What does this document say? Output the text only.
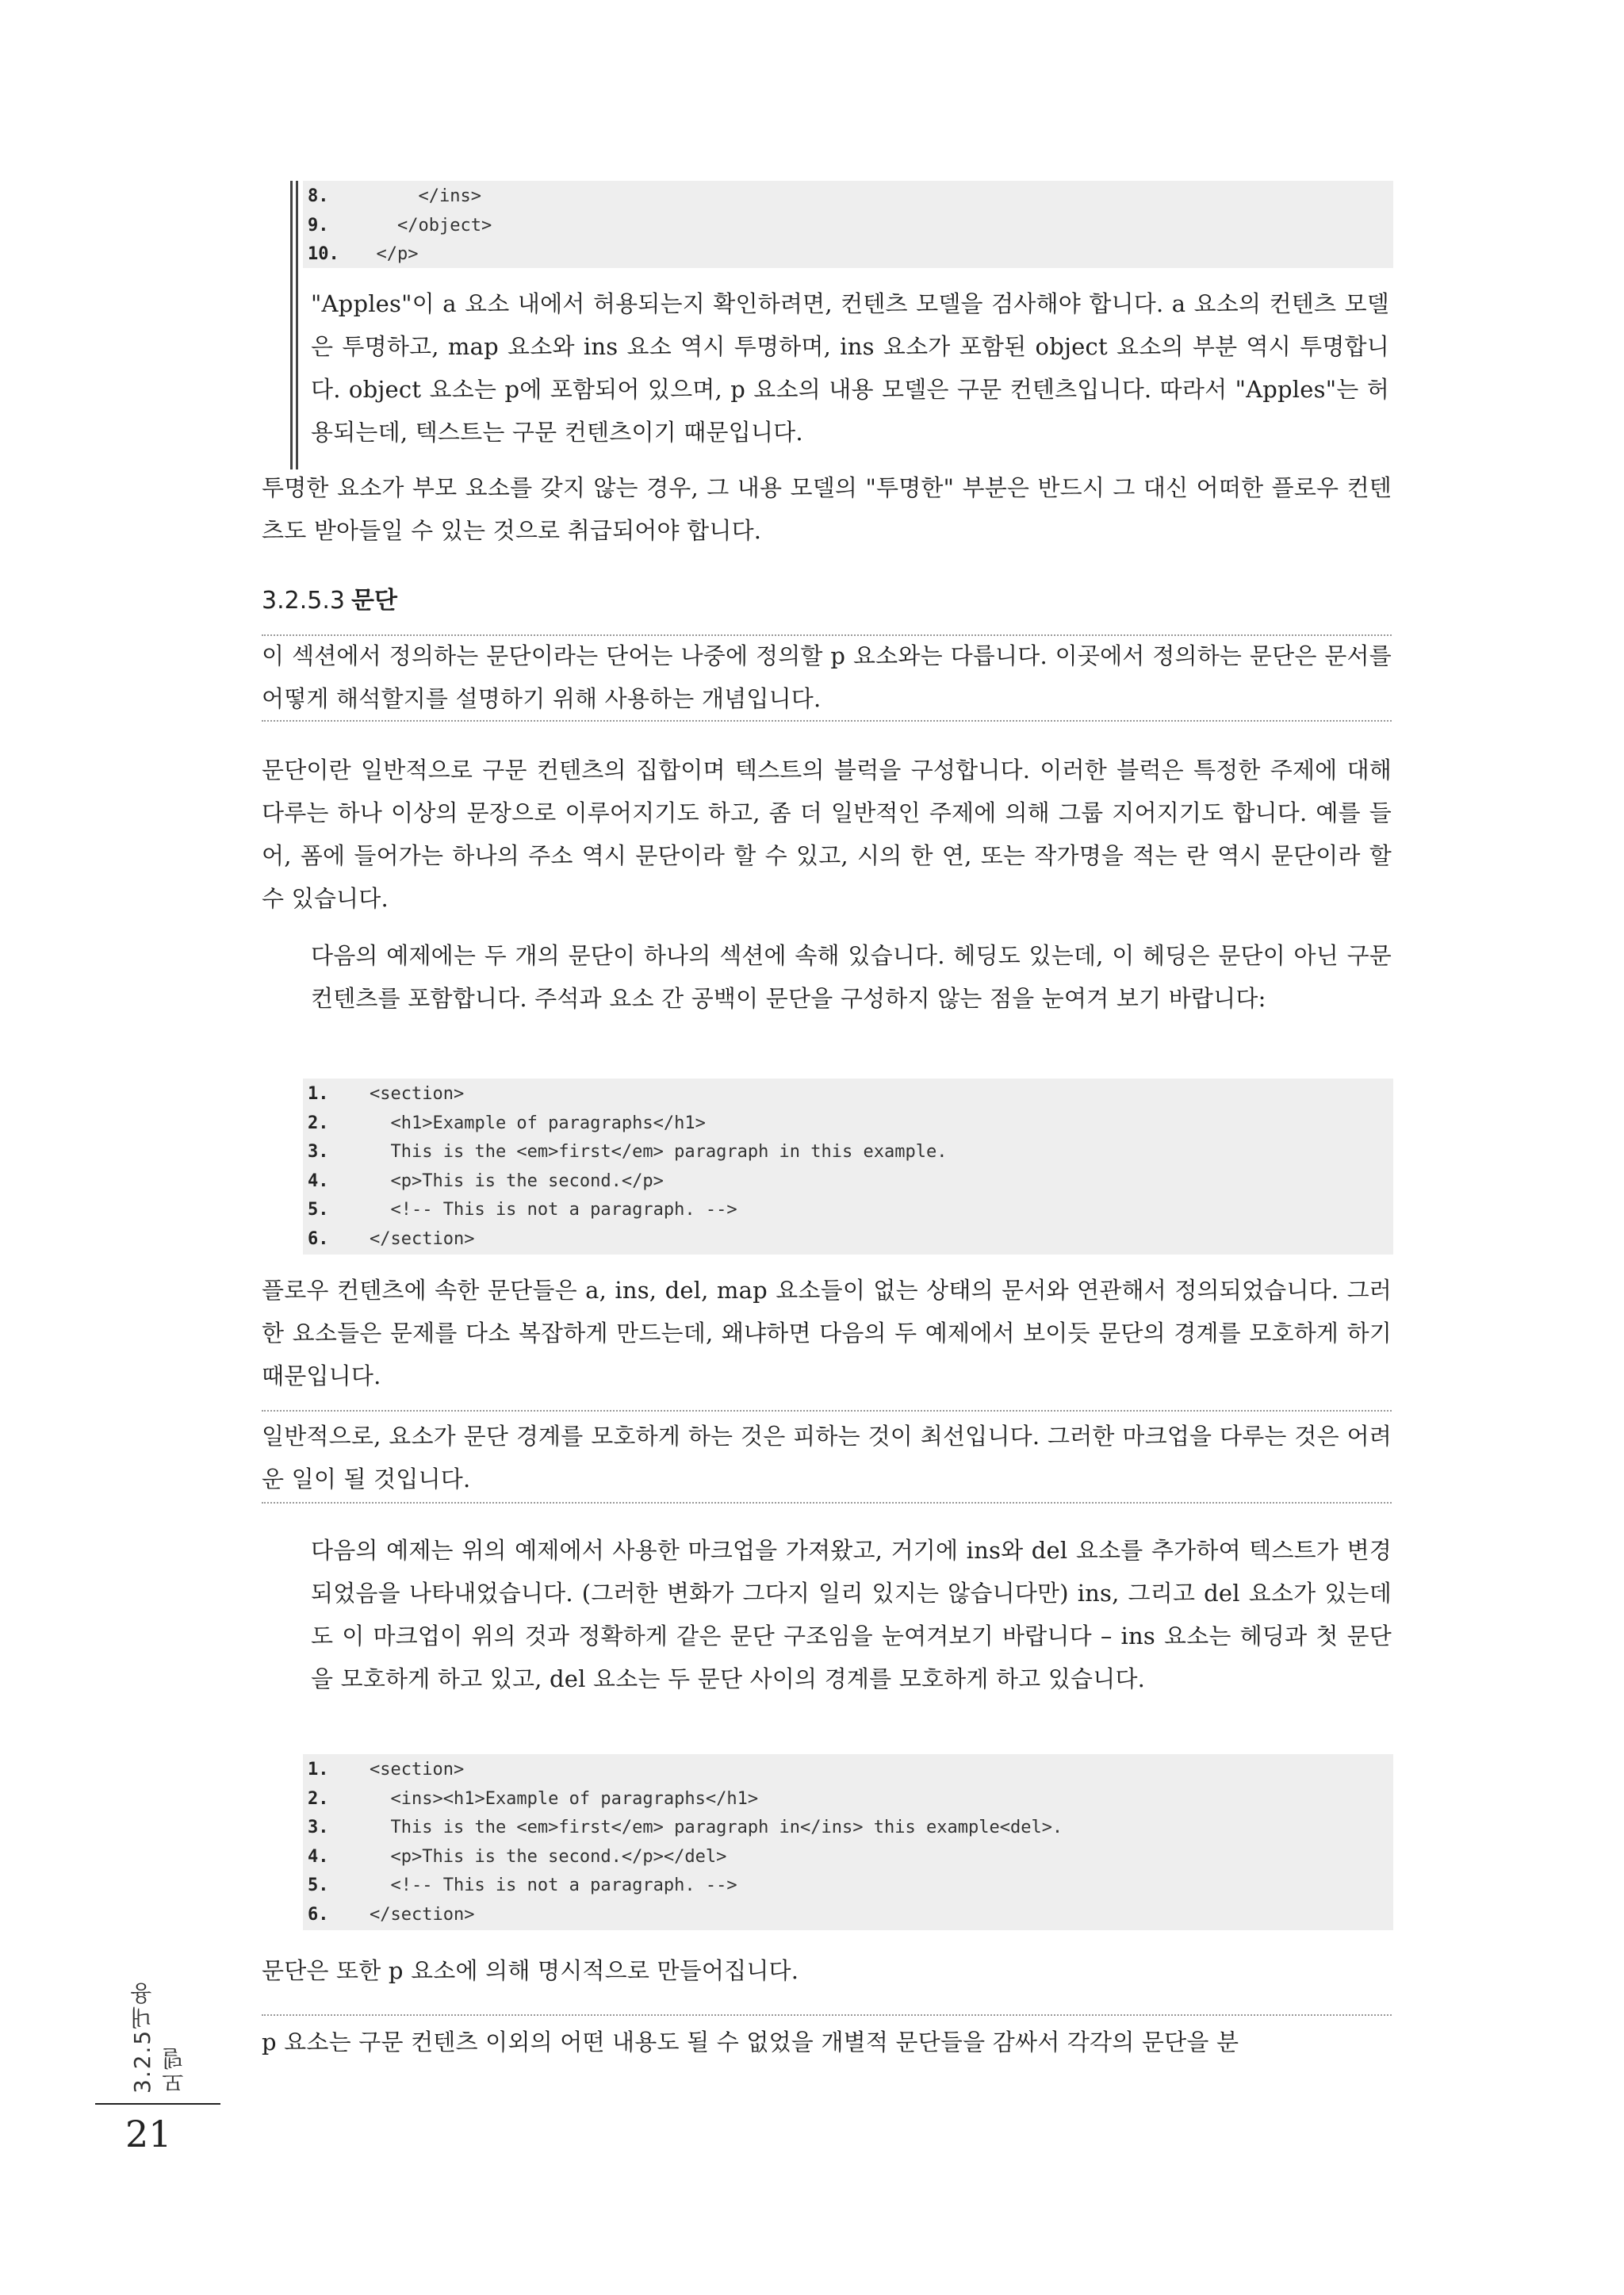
8. </ins>
9. </object>
10. </p>

"Apples"이 a 요소 내에서 허용되는지 확인하려면, 컨텐츠 모델을 검사해야 합니다. a 요소의 컨텐츠 모델은 투명하고, map 요소와 ins 요소 역시 투명하며, ins 요소가 포함된 object 요소의 부분 역시 투명합니다. object 요소는 p에 포함되어 있으며, p 요소의 내용 모델은 구문 컨텐츠입니다. 따라서 "Apples"는 허용되는데, 텍스트는 구문 컨텐츠이기 때문입니다.

투명한 요소가 부모 요소를 갖지 않는 경우, 그 내용 모델의 "투명한" 부분은 반드시 그 대신 어떠한 플로우 컨텐츠도 받아들일 수 있는 것으로 취급되어야 합니다.

3.2.5.3 문단

이 섹션에서 정의하는 문단이라는 단어는 나중에 정의할 p 요소와는 다릅니다. 이곳에서 정의하는 문단은 문서를 어떻게 해석할지를 설명하기 위해 사용하는 개념입니다.

문단이란 일반적으로 구문 컨텐츠의 집합이며 텍스트의 블럭을 구성합니다. 이러한 블럭은 특정한 주제에 대해 다루는 하나 이상의 문장으로 이루어지기도 하고, 좀 더 일반적인 주제에 의해 그룹 지어지기도 합니다. 예를 들어, 폼에 들어가는 하나의 주소 역시 문단이라 할 수 있고, 시의 한 연, 또는 작가명을 적는 란 역시 문단이라 할 수 있습니다.

다음의 예제에는 두 개의 문단이 하나의 섹션에 속해 있습니다. 헤딩도 있는데, 이 헤딩은 문단이 아닌 구문 컨텐츠를 포함합니다. 주석과 요소 간 공백이 문단을 구성하지 않는 점을 눈여겨 보기 바랍니다:

1. <section>
2. <h1>Example of paragraphs</h1>
3. This is the <em>first</em> paragraph in this example.
4. <p>This is the second.</p>
5. <!-- This is not a paragraph. -->
6. </section>

플로우 컨텐츠에 속한 문단들은 a, ins, del, map 요소들이 없는 상태의 문서와 연관해서 정의되었습니다. 그러한 요소들은 문제를 다소 복잡하게 만드는데, 왜냐하면 다음의 두 예제에서 보이듯 문단의 경계를 모호하게 하기 때문입니다.

일반적으로, 요소가 문단 경계를 모호하게 하는 것은 피하는 것이 최선입니다. 그러한 마크업을 다루는 것은 어려운 일이 될 것입니다.

다음의 예제는 위의 예제에서 사용한 마크업을 가져왔고, 거기에 ins와 del 요소를 추가하여 텍스트가 변경되었음을 나타내었습니다. (그러한 변화가 그다지 일리 있지는 않습니다만) ins, 그리고 del 요소가 있는데도 이 마크업이 위의 것과 정확하게 같은 문단 구조임을 눈여겨보기 바랍니다 – ins 요소는 헤딩과 첫 문단을 모호하게 하고 있고, del 요소는 두 문단 사이의 경계를 모호하게 하고 있습니다.

1. <section>
2. <ins><h1>Example of paragraphs</h1>
3. This is the <em>first</em> paragraph in</ins> this example<del>.
4. <p>This is the second.</p></del>
5. <!-- This is not a paragraph. -->
6. </section>

문단은 또한 p 요소에 의해 명시적으로 만들어집니다.

p 요소는 구문 컨텐츠 이외의 어떤 내용도 될 수 없었을 개별적 문단들을 감싸서 각각의 문단을 분

3.2.5내용 모델
21
